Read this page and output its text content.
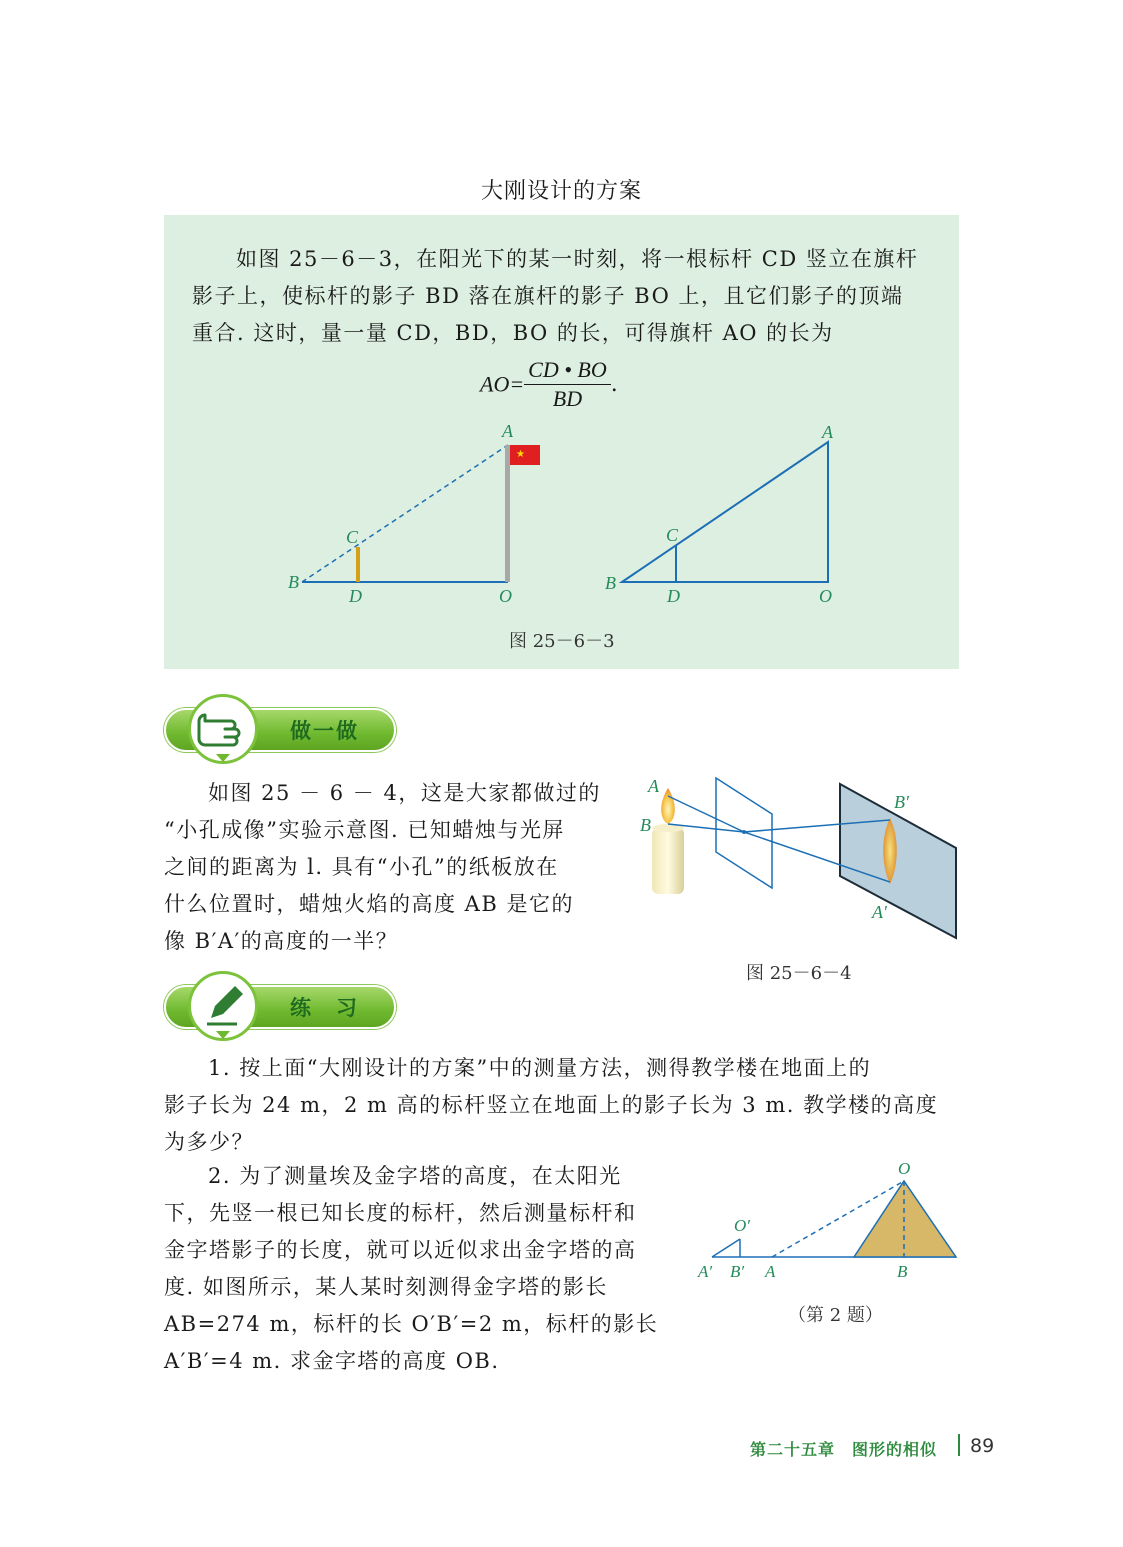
大刚设计的方案
如图 25－6－3，在阳光下的某一时刻，将一根标杆 CD 竖立在旗杆
影子上，使标杆的影子 BD 落在旗杆的影子 BO 上，且它们影子的顶端
重合. 这时，量一量 CD，BD，BO 的长，可得旗杆 AO 的长为
$AO= \frac{CD • BO}{BD}$ .
★
A
B
C
D	O
A
B
C
D	O
图 25－6－3
做一做
如图 25 － 6 － 4，这是大家都做过的
“小孔成像”实验示意图. 已知蜡烛与光屏
之间的距离为 l. 具有“小孔”的纸板放在
什么位置时，蜡烛火焰的高度 AB 是它的
像 B′A′的高度的一半？
A
B
B′
A′
图 25－6－4
练　习
1. 按上面“大刚设计的方案”中的测量方法，测得教学楼在地面上的
影子长为 24 m，2 m 高的标杆竖立在地面上的影子长为 3 m. 教学楼的高度
为多少？
2. 为了测量埃及金字塔的高度，在太阳光
下，先竖一根已知长度的标杆，然后测量标杆和
金字塔影子的长度，就可以近似求出金字塔的高
度. 如图所示，某人某时刻测得金字塔的影长
AB=274 m，标杆的长 O′B′=2 m，标杆的影长
A′B′=4 m. 求金字塔的高度 OB.
O
O′
A′ B′ A	B
（第 2 题）
第二十五章　图形的相似 89
